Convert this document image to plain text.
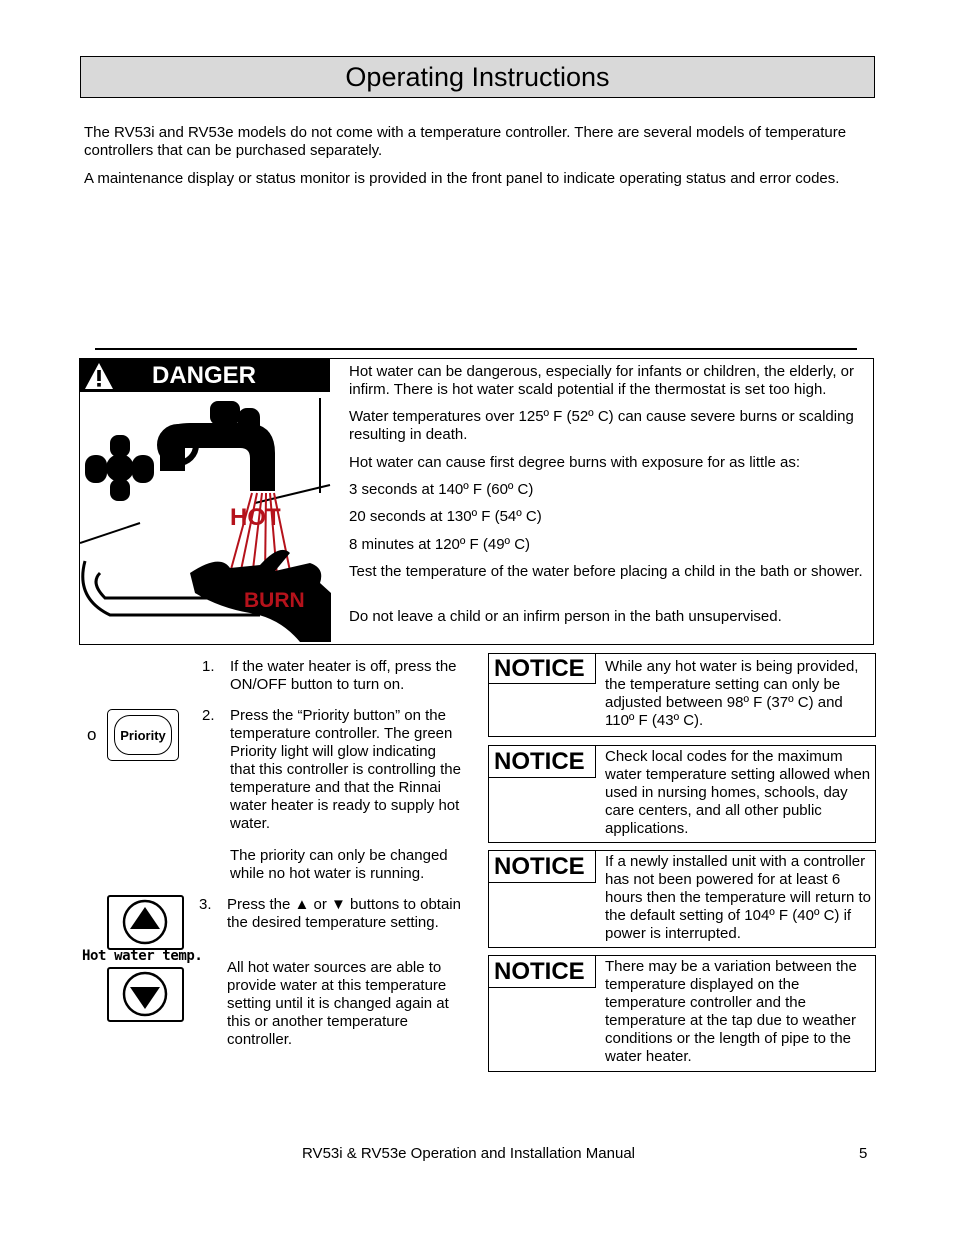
Operating Instructions
The RV53i and RV53e models do not come with a temperature controller. There are several models of temperature controllers that can be purchased separately.
A maintenance display or status monitor is provided in the front panel to indicate operating status and error codes.
DANGER
HOT
BURN
Hot water can be dangerous, especially for infants or children, the elderly, or infirm. There is hot water scald potential if the thermostat is set too high.
Water temperatures over 125º F (52º C) can cause severe burns or scalding resulting in death.
Hot water can cause first degree burns with exposure for as little as:
3 seconds at 140º F (60º C)
20 seconds at 130º F (54º C)
8 minutes at 120º F (49º C)
Test the temperature of the water before placing a child in the bath or shower.
Do not leave a child or an infirm person in the bath unsupervised.
1. If the water heater is off, press the ON/OFF button to turn on.
2. Press the “Priority button” on the temperature controller. The green Priority light will glow indicating that this controller is controlling the temperature and that the Rinnai water heater is ready to supply hot water.
The priority can only be changed while no hot water is running.
3. Press the ▲ or ▼ buttons to obtain the desired temperature setting.
All hot water sources are able to provide water at this temperature setting until it is changed again at this or another temperature controller.
o	Priority
Hot water temp.
NOTICE	While any hot water is being provided, the temperature setting can only be adjusted between 98º F (37º C) and 110º F (43º C).
NOTICE	Check local codes for the maximum water temperature setting allowed when used in nursing homes, schools, day care centers, and all other public applications.
NOTICE	If a newly installed unit with a controller has not been powered for at least 6 hours then the temperature will return to the default setting of 104º F (40º C) if power is interrupted.
NOTICE	There may be a variation between the temperature displayed on the temperature controller and the temperature at the tap due to weather conditions or the length of pipe to the water heater.
RV53i & RV53e Operation and Installation Manual	5
